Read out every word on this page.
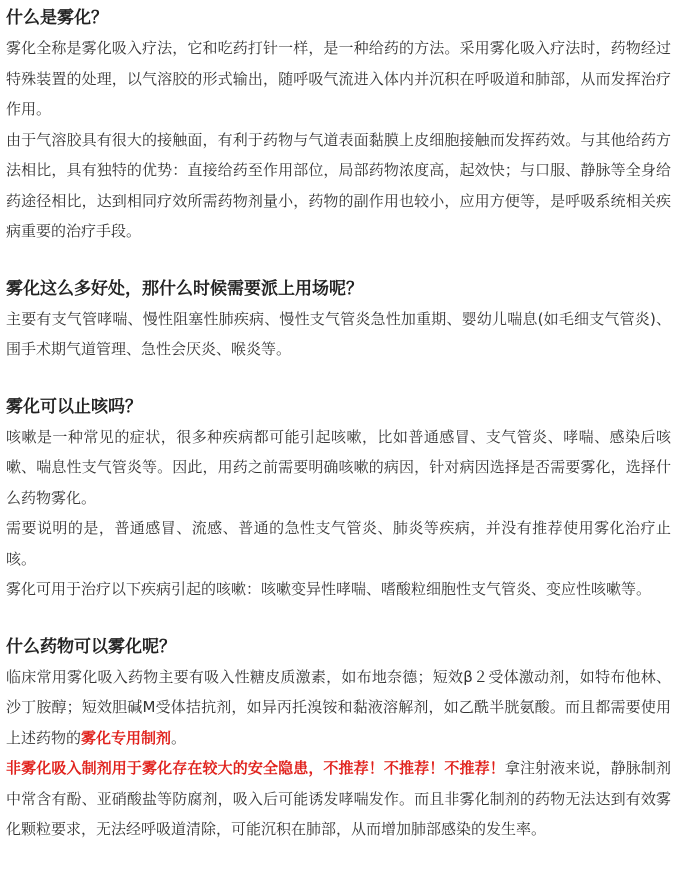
什么是雾化？

雾化全称是雾化吸入疗法，它和吃药打针一样，是一种给药的方法。采用雾化吸入疗法时，药物经过特殊装置的处理，以气溶胶的形式输出，随呼吸气流进入体内并沉积在呼吸道和肺部，从而发挥治疗作用。

由于气溶胶具有很大的接触面，有利于药物与气道表面黏膜上皮细胞接触而发挥药效。与其他给药方法相比，具有独特的优势：直接给药至作用部位，局部药物浓度高，起效快；与口服、静脉等全身给药途径相比，达到相同疗效所需药物剂量小，药物的副作用也较小，应用方便等，是呼吸系统相关疾病重要的治疗手段。

雾化这么多好处，那什么时候需要派上用场呢？

主要有支气管哮喘、慢性阻塞性肺疾病、慢性支气管炎急性加重期、婴幼儿喘息(如毛细支气管炎)、围手术期气道管理、急性会厌炎、喉炎等。

雾化可以止咳吗？

咳嗽是一种常见的症状，很多种疾病都可能引起咳嗽，比如普通感冒、支气管炎、哮喘、感染后咳嗽、喘息性支气管炎等。因此，用药之前需要明确咳嗽的病因，针对病因选择是否需要雾化，选择什么药物雾化。

需要说明的是，普通感冒、流感、普通的急性支气管炎、肺炎等疾病，并没有推荐使用雾化治疗止咳。

雾化可用于治疗以下疾病引起的咳嗽：咳嗽变异性哮喘、嗜酸粒细胞性支气管炎、变应性咳嗽等。

什么药物可以雾化呢？

临床常用雾化吸入药物主要有吸入性糖皮质激素，如布地奈德；短效β２受体激动剂，如特布他林、沙丁胺醇；短效胆碱M受体拮抗剂，如异丙托溴铵和黏液溶解剂，如乙酰半胱氨酸。而且都需要使用上述药物的雾化专用制剂。

非雾化吸入制剂用于雾化存在较大的安全隐患，不推荐！不推荐！不推荐！拿注射液来说，静脉制剂中常含有酚、亚硝酸盐等防腐剂，吸入后可能诱发哮喘发作。而且非雾化制剂的药物无法达到有效雾化颗粒要求，无法经呼吸道清除，可能沉积在肺部，从而增加肺部感染的发生率。
